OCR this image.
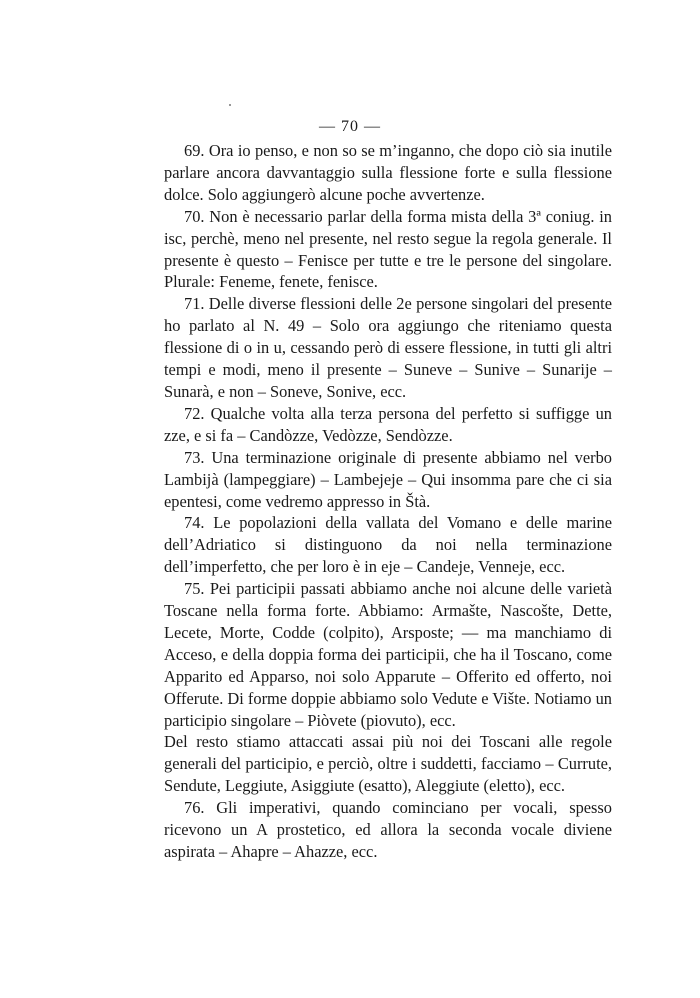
— 70 —

69. Ora io penso, e non so se m’inganno, che dopo ciò sia inutile parlare ancora davvantaggio sulla flessione forte e sulla flessione dolce. Solo aggiungerò alcune poche avvertenze.

70. Non è necessario parlar della forma mista della 3ª coniug. in isc, perchè, meno nel presente, nel resto segue la regola generale. Il presente è questo – Fenisce per tutte e tre le persone del singolare. Plurale: Feneme, fenete, fenisce.

71. Delle diverse flessioni delle 2e persone singolari del presente ho parlato al N. 49 – Solo ora aggiungo che riteniamo questa flessione di o in u, cessando però di essere flessione, in tutti gli altri tempi e modi, meno il presente – Suneve – Sunive – Sunarije – Sunarà, e non – Soneve, Sonive, ecc.

72. Qualche volta alla terza persona del perfetto si suffigge un zze, e si fa – Candòzze, Vedòzze, Sendòzze.

73. Una terminazione originale di presente abbiamo nel verbo Lambijà (lampeggiare) – Lambejeje – Qui insomma pare che ci sia epentesi, come vedremo appresso in Štà.

74. Le popolazioni della vallata del Vomano e delle marine dell’Adriatico si distinguono da noi nella terminazione dell’imperfetto, che per loro è in eje – Candeje, Venneje, ecc.

75. Pei participii passati abbiamo anche noi alcune delle varietà Toscane nella forma forte. Abbiamo: Armašte, Nascošte, Dette, Lecete, Morte, Codde (colpito), Arsposte; — ma manchiamo di Acceso, e della doppia forma dei participii, che ha il Toscano, come Apparito ed Apparso, noi solo Apparute – Offerito ed offerto, noi Offerute. Di forme doppie abbiamo solo Vedute e Vište. Notiamo un participio singolare – Piòvete (piovuto), ecc.

Del resto stiamo attaccati assai più noi dei Toscani alle regole generali del participio, e perciò, oltre i suddetti, facciamo – Currute, Sendute, Leggiute, Asiggiute (esatto), Aleggiute (eletto), ecc.

76. Gli imperativi, quando cominciano per vocali, spesso ricevono un A prostetico, ed allora la seconda vocale diviene aspirata – Ahapre – Ahazze, ecc.
